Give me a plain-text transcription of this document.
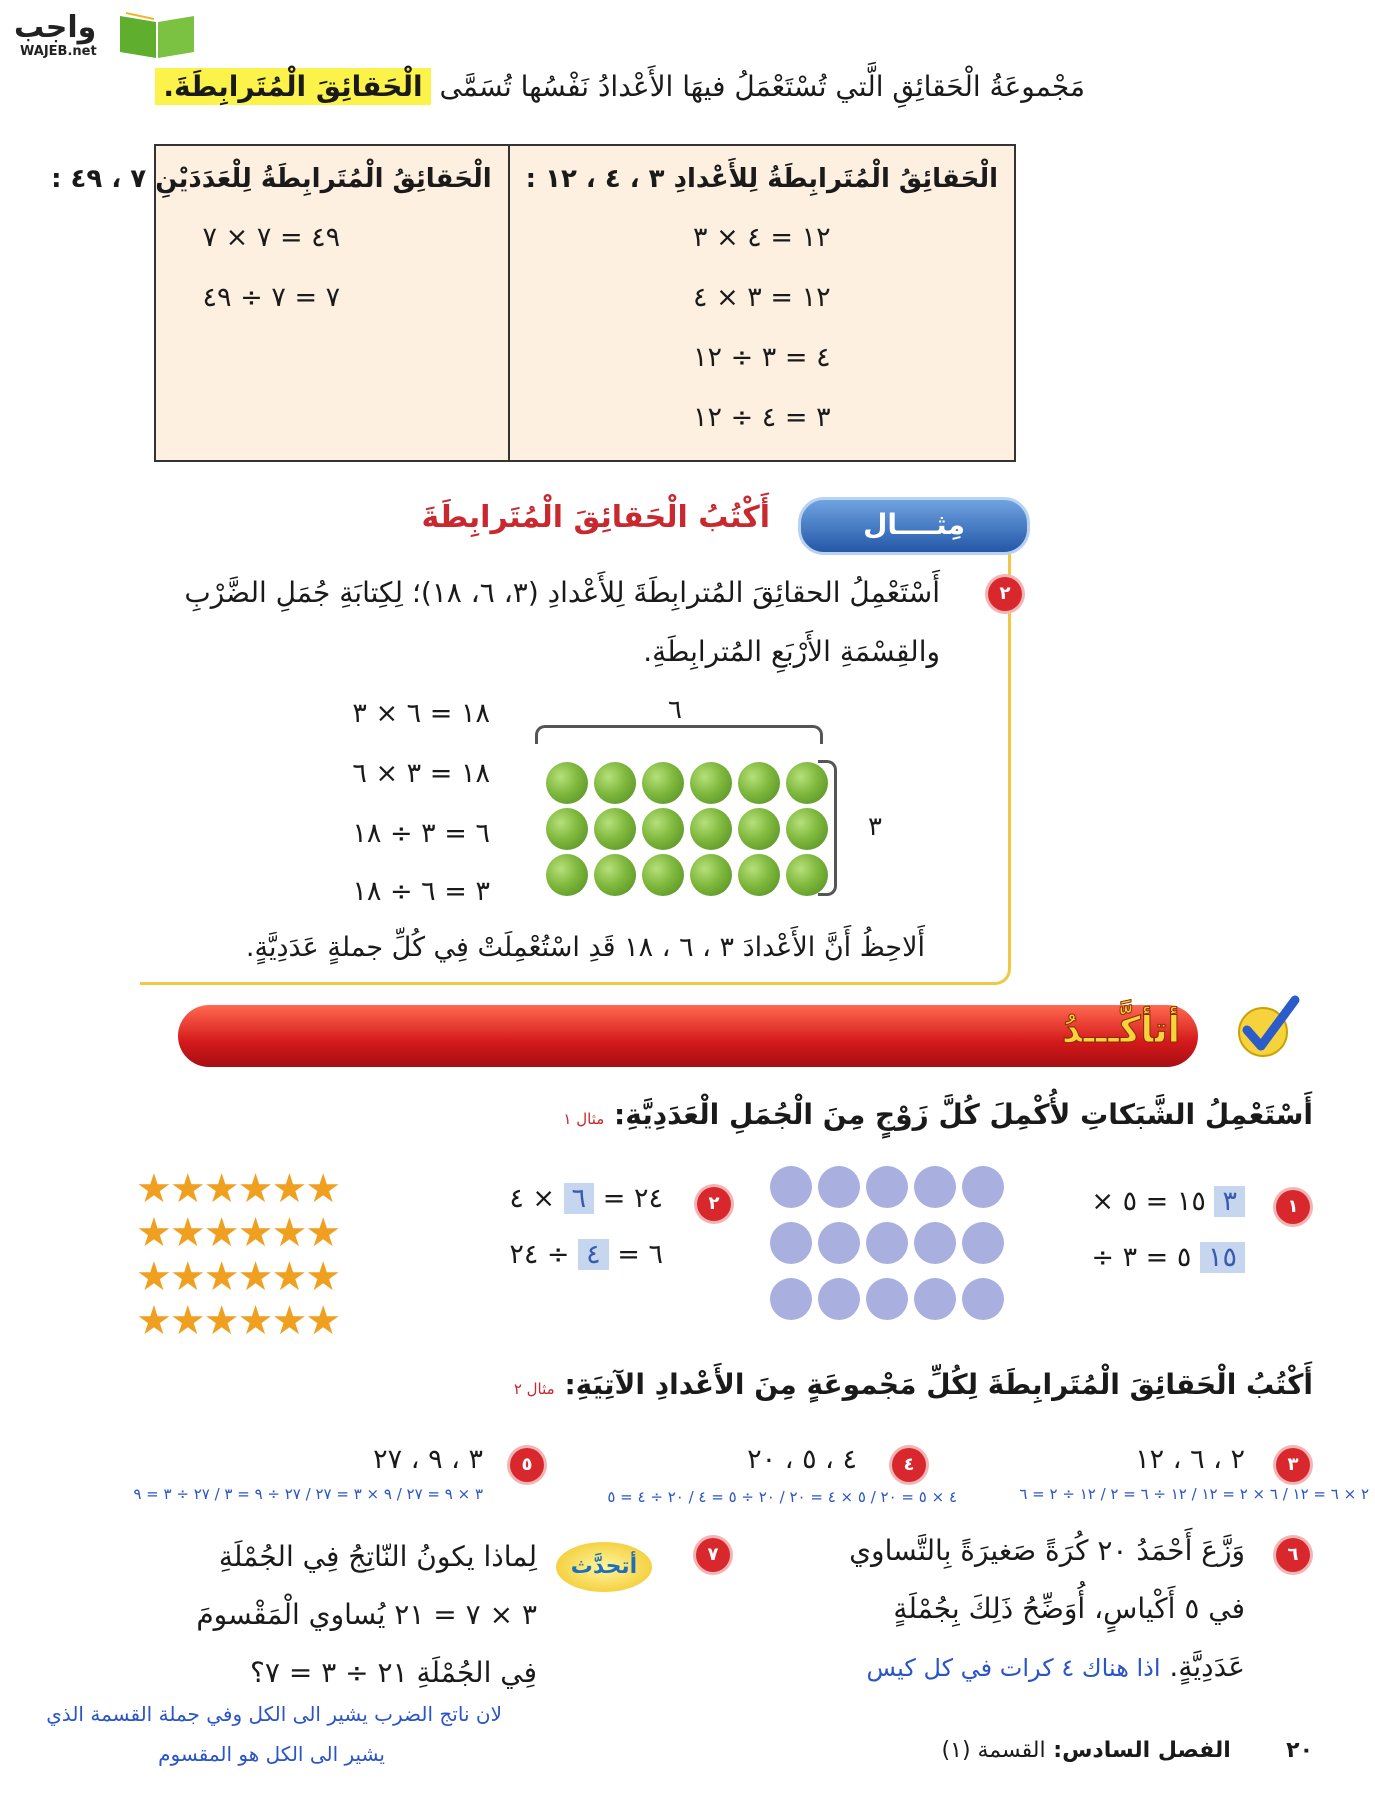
واجب
WAJEB.net
مَجْموعَةُ الْحَقائِقِ الَّتي تُسْتَعْمَلُ فيهَا الأَعْدادُ نَفْسُها تُسَمَّى الْحَقائِقَ الْمُتَرابِطَةَ.
الْحَقائِقُ الْمُتَرابِطَةُ لِلأَعْدادِ ٣ ، ٤ ، ١٢ :
١٢ = ٤ × ٣
١٢ = ٣ × ٤
٤ = ٣ ÷ ١٢
٣ = ٤ ÷ ١٢
الْحَقائِقُ الْمُتَرابِطَةُ لِلْعَدَدَيْنِ ٧ ، ٤٩ :
٤٩ = ٧ × ٧
٧ = ٧ ÷ ٤٩
مِثــــال
أَكْتُبُ الْحَقائِقَ الْمُتَرابِطَةَ
٢
أَسْتَعْمِلُ الحقائِقَ المُترابِطَةَ لِلأَعْدادِ (٣، ٦، ١٨)؛ لِكِتابَةِ جُمَلِ الضَّرْبِ
والقِسْمَةِ الأَرْبَعِ المُترابِطَةِ.
١٨ = ٦ × ٣
١٨ = ٣ × ٦
٦ = ٣ ÷ ١٨
٣ = ٦ ÷ ١٨
٦
٣
أَلاحِظُ أَنَّ الأَعْدادَ ٣ ، ٦ ، ١٨ قَدِ اسْتُعْمِلَتْ فِي كُلِّ جملةٍ عَدَدِيَّةٍ.
أتأكَّـــدُ
أَسْتَعْمِلُ الشَّبَكاتِ لأُكْمِلَ كُلَّ زَوْجٍ مِنَ الْجُمَلِ الْعَدَدِيَّةِ: مثال ١
١
٣ ١٥ = ٥ ×
١٥ ٥ = ٣ ÷
٢
٢٤ = ٦ × ٤
٦ = ٤ ÷ ٢٤
★★★★★★
★★★★★★
★★★★★★
★★★★★★
أَكْتُبُ الْحَقائِقَ الْمُتَرابِطَةَ لِكُلِّ مَجْموعَةٍ مِنَ الأَعْدادِ الآتِيَةِ: مثال ٢
٣
٢ ، ٦ ، ١٢
٢ × ٦ = ١٢ / ٦ × ٢ = ١٢ / ١٢ ÷ ٦ = ٢ / ١٢ ÷ ٢ = ٦
٤
٤ ، ٥ ، ٢٠
٤ × ٥ = ٢٠ / ٥ × ٤ = ٢٠ / ٢٠ ÷ ٥ = ٤ / ٢٠ ÷ ٤ = ٥
٥
٣ ، ٩ ، ٢٧
٣ × ٩ = ٢٧ / ٩ × ٣ = ٢٧ / ٢٧ ÷ ٩ = ٣ / ٢٧ ÷ ٣ = ٩
٦
وَزَّعَ أَحْمَدُ ٢٠ كُرَةً صَغيرَةً بِالتَّساوي
في ٥ أَكْياسٍ، أُوَضِّحُ ذَلِكَ بِجُمْلَةٍ
عَدَدِيَّةٍ. اذا هناك ٤ كرات في كل كيس
٧
أتحدَّث
لِماذا يكونُ النّاتِجُ فِي الجُمْلَةِ
٣ × ٧ = ٢١ يُساوي الْمَقْسومَ
فِي الجُمْلَةِ ٢١ ÷ ٣ = ٧؟
لان ناتج الضرب يشير الى الكل وفي جملة القسمة الذي
يشير الى الكل هو المقسوم	٢٠  الفصل السادس: القسمة (١)
